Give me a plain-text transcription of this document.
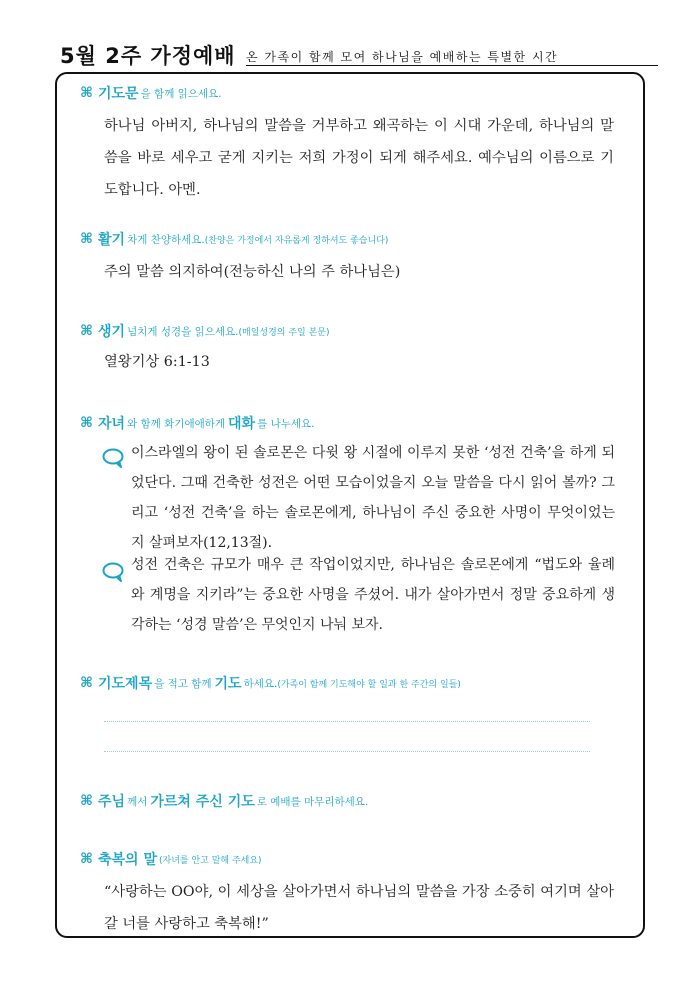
5월 2주 가정예배 온 가족이 함께 모여 하나님을 예배하는 특별한 시간
⌘ 기도문 을 함께 읽으세요.
하나님 아버지, 하나님의 말씀을 거부하고 왜곡하는 이 시대 가운데, 하나님의 말씀을 바로 세우고 굳게 지키는 저희 가정이 되게 해주세요. 예수님의 이름으로 기도합니다. 아멘.
⌘ 활기 차게 찬양하세요. (찬양은 가정에서 자유롭게 정하셔도 좋습니다)
주의 말씀 의지하여(전능하신 나의 주 하나님은)
⌘ 생기 넘치게 성경을 읽으세요. (매일성경의 주일 본문)
열왕기상 6:1-13
⌘ 자녀 와 함께 화기애애하게 대화 를 나누세요.
이스라엘의 왕이 된 솔로몬은 다윗 왕 시절에 이루지 못한 ‘성전 건축’을 하게 되었단다. 그때 건축한 성전은 어떤 모습이었을지 오늘 말씀을 다시 읽어 볼까? 그리고 ‘성전 건축’을 하는 솔로몬에게, 하나님이 주신 중요한 사명이 무엇이었는지 살펴보자(12,13절).
성전 건축은 규모가 매우 큰 작업이었지만, 하나님은 솔로몬에게 “법도와 율례와 계명을 지키라”는 중요한 사명을 주셨어. 내가 살아가면서 정말 중요하게 생각하는 ‘성경 말씀’은 무엇인지 나눠 보자.
⌘ 기도제목 을 적고 함께 기도 하세요. (가족이 함께 기도해야 할 일과 한 주간의 일들)
⌘ 주님 께서 가르쳐 주신 기도 로 예배를 마무리하세요.
⌘ 축복의 말 (자녀를 안고 말해 주세요)
“사랑하는 OO야, 이 세상을 살아가면서 하나님의 말씀을 가장 소중히 여기며 살아갈 너를 사랑하고 축복해!”
